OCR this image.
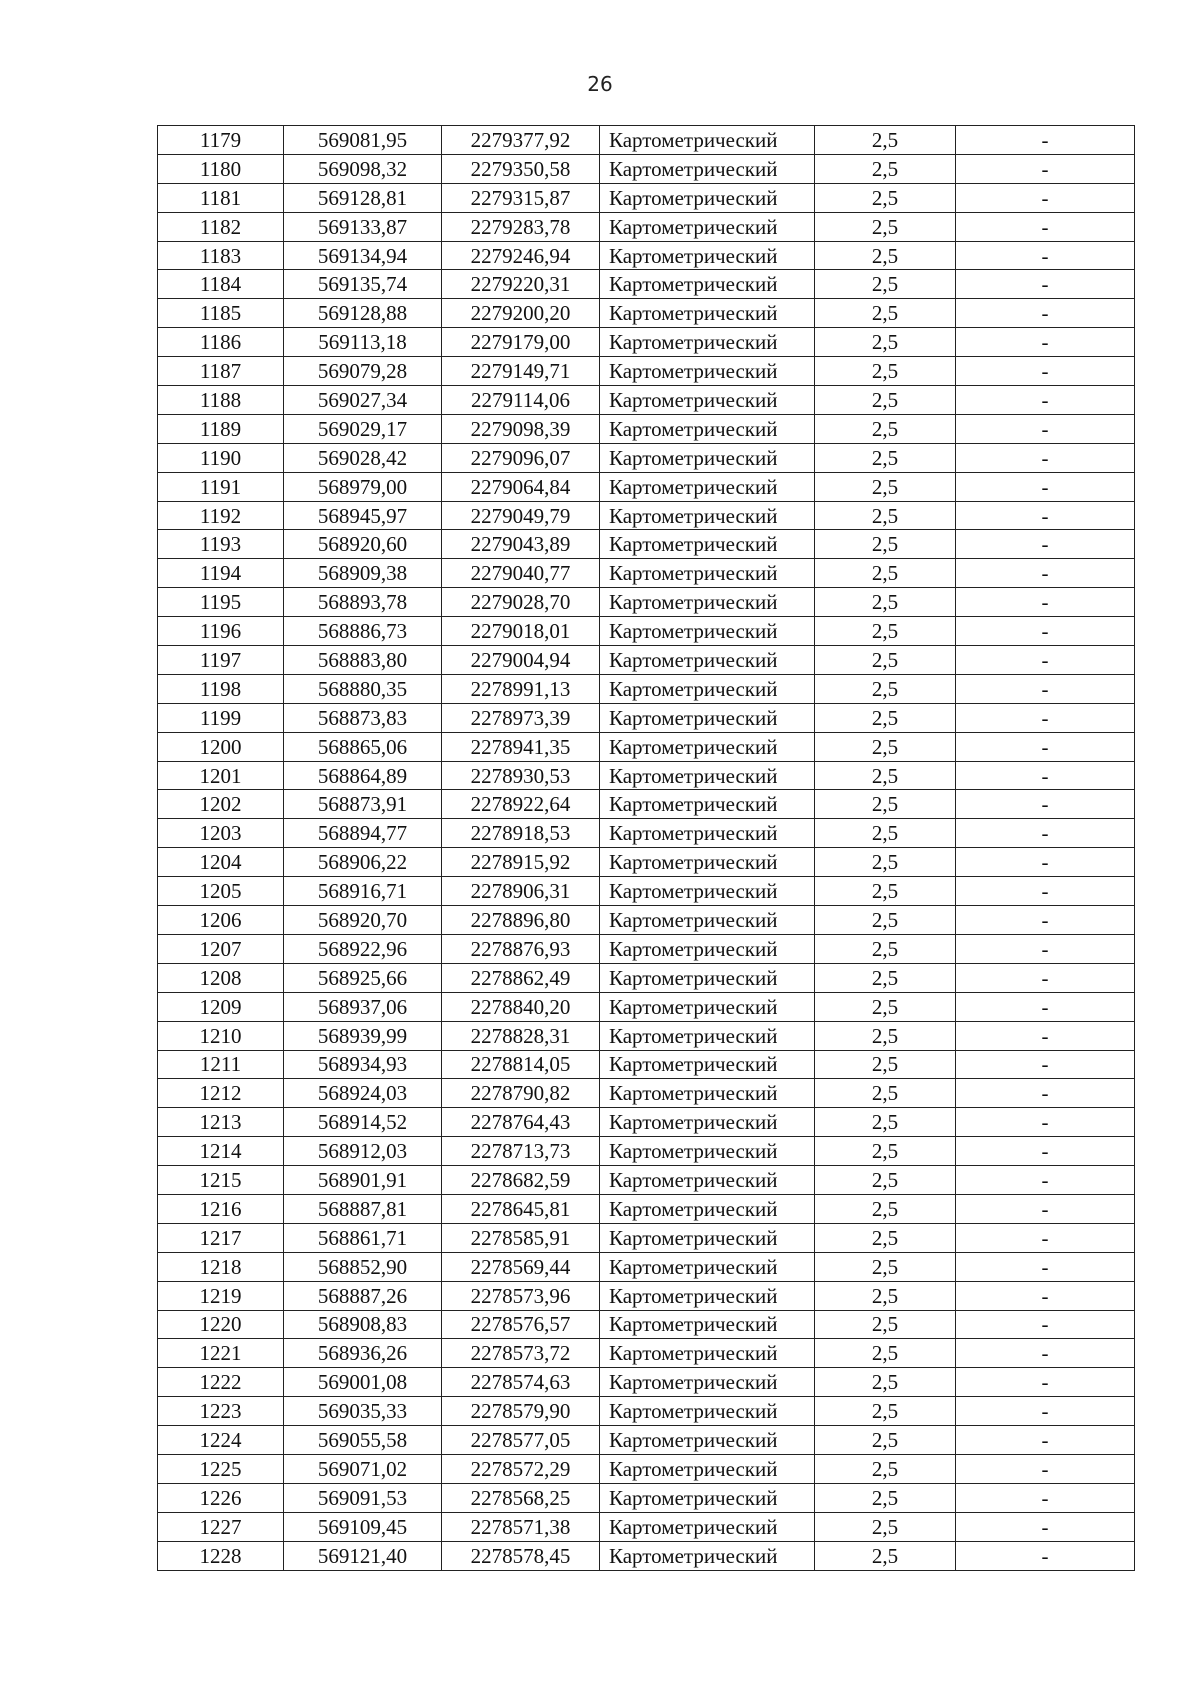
26
1179	569081,95	2279377,92	Картометрический	2,5	-
1180	569098,32	2279350,58	Картометрический	2,5	-
1181	569128,81	2279315,87	Картометрический	2,5	-
1182	569133,87	2279283,78	Картометрический	2,5	-
1183	569134,94	2279246,94	Картометрический	2,5	-
1184	569135,74	2279220,31	Картометрический	2,5	-
1185	569128,88	2279200,20	Картометрический	2,5	-
1186	569113,18	2279179,00	Картометрический	2,5	-
1187	569079,28	2279149,71	Картометрический	2,5	-
1188	569027,34	2279114,06	Картометрический	2,5	-
1189	569029,17	2279098,39	Картометрический	2,5	-
1190	569028,42	2279096,07	Картометрический	2,5	-
1191	568979,00	2279064,84	Картометрический	2,5	-
1192	568945,97	2279049,79	Картометрический	2,5	-
1193	568920,60	2279043,89	Картометрический	2,5	-
1194	568909,38	2279040,77	Картометрический	2,5	-
1195	568893,78	2279028,70	Картометрический	2,5	-
1196	568886,73	2279018,01	Картометрический	2,5	-
1197	568883,80	2279004,94	Картометрический	2,5	-
1198	568880,35	2278991,13	Картометрический	2,5	-
1199	568873,83	2278973,39	Картометрический	2,5	-
1200	568865,06	2278941,35	Картометрический	2,5	-
1201	568864,89	2278930,53	Картометрический	2,5	-
1202	568873,91	2278922,64	Картометрический	2,5	-
1203	568894,77	2278918,53	Картометрический	2,5	-
1204	568906,22	2278915,92	Картометрический	2,5	-
1205	568916,71	2278906,31	Картометрический	2,5	-
1206	568920,70	2278896,80	Картометрический	2,5	-
1207	568922,96	2278876,93	Картометрический	2,5	-
1208	568925,66	2278862,49	Картометрический	2,5	-
1209	568937,06	2278840,20	Картометрический	2,5	-
1210	568939,99	2278828,31	Картометрический	2,5	-
1211	568934,93	2278814,05	Картометрический	2,5	-
1212	568924,03	2278790,82	Картометрический	2,5	-
1213	568914,52	2278764,43	Картометрический	2,5	-
1214	568912,03	2278713,73	Картометрический	2,5	-
1215	568901,91	2278682,59	Картометрический	2,5	-
1216	568887,81	2278645,81	Картометрический	2,5	-
1217	568861,71	2278585,91	Картометрический	2,5	-
1218	568852,90	2278569,44	Картометрический	2,5	-
1219	568887,26	2278573,96	Картометрический	2,5	-
1220	568908,83	2278576,57	Картометрический	2,5	-
1221	568936,26	2278573,72	Картометрический	2,5	-
1222	569001,08	2278574,63	Картометрический	2,5	-
1223	569035,33	2278579,90	Картометрический	2,5	-
1224	569055,58	2278577,05	Картометрический	2,5	-
1225	569071,02	2278572,29	Картометрический	2,5	-
1226	569091,53	2278568,25	Картометрический	2,5	-
1227	569109,45	2278571,38	Картометрический	2,5	-
1228	569121,40	2278578,45	Картометрический	2,5	-
